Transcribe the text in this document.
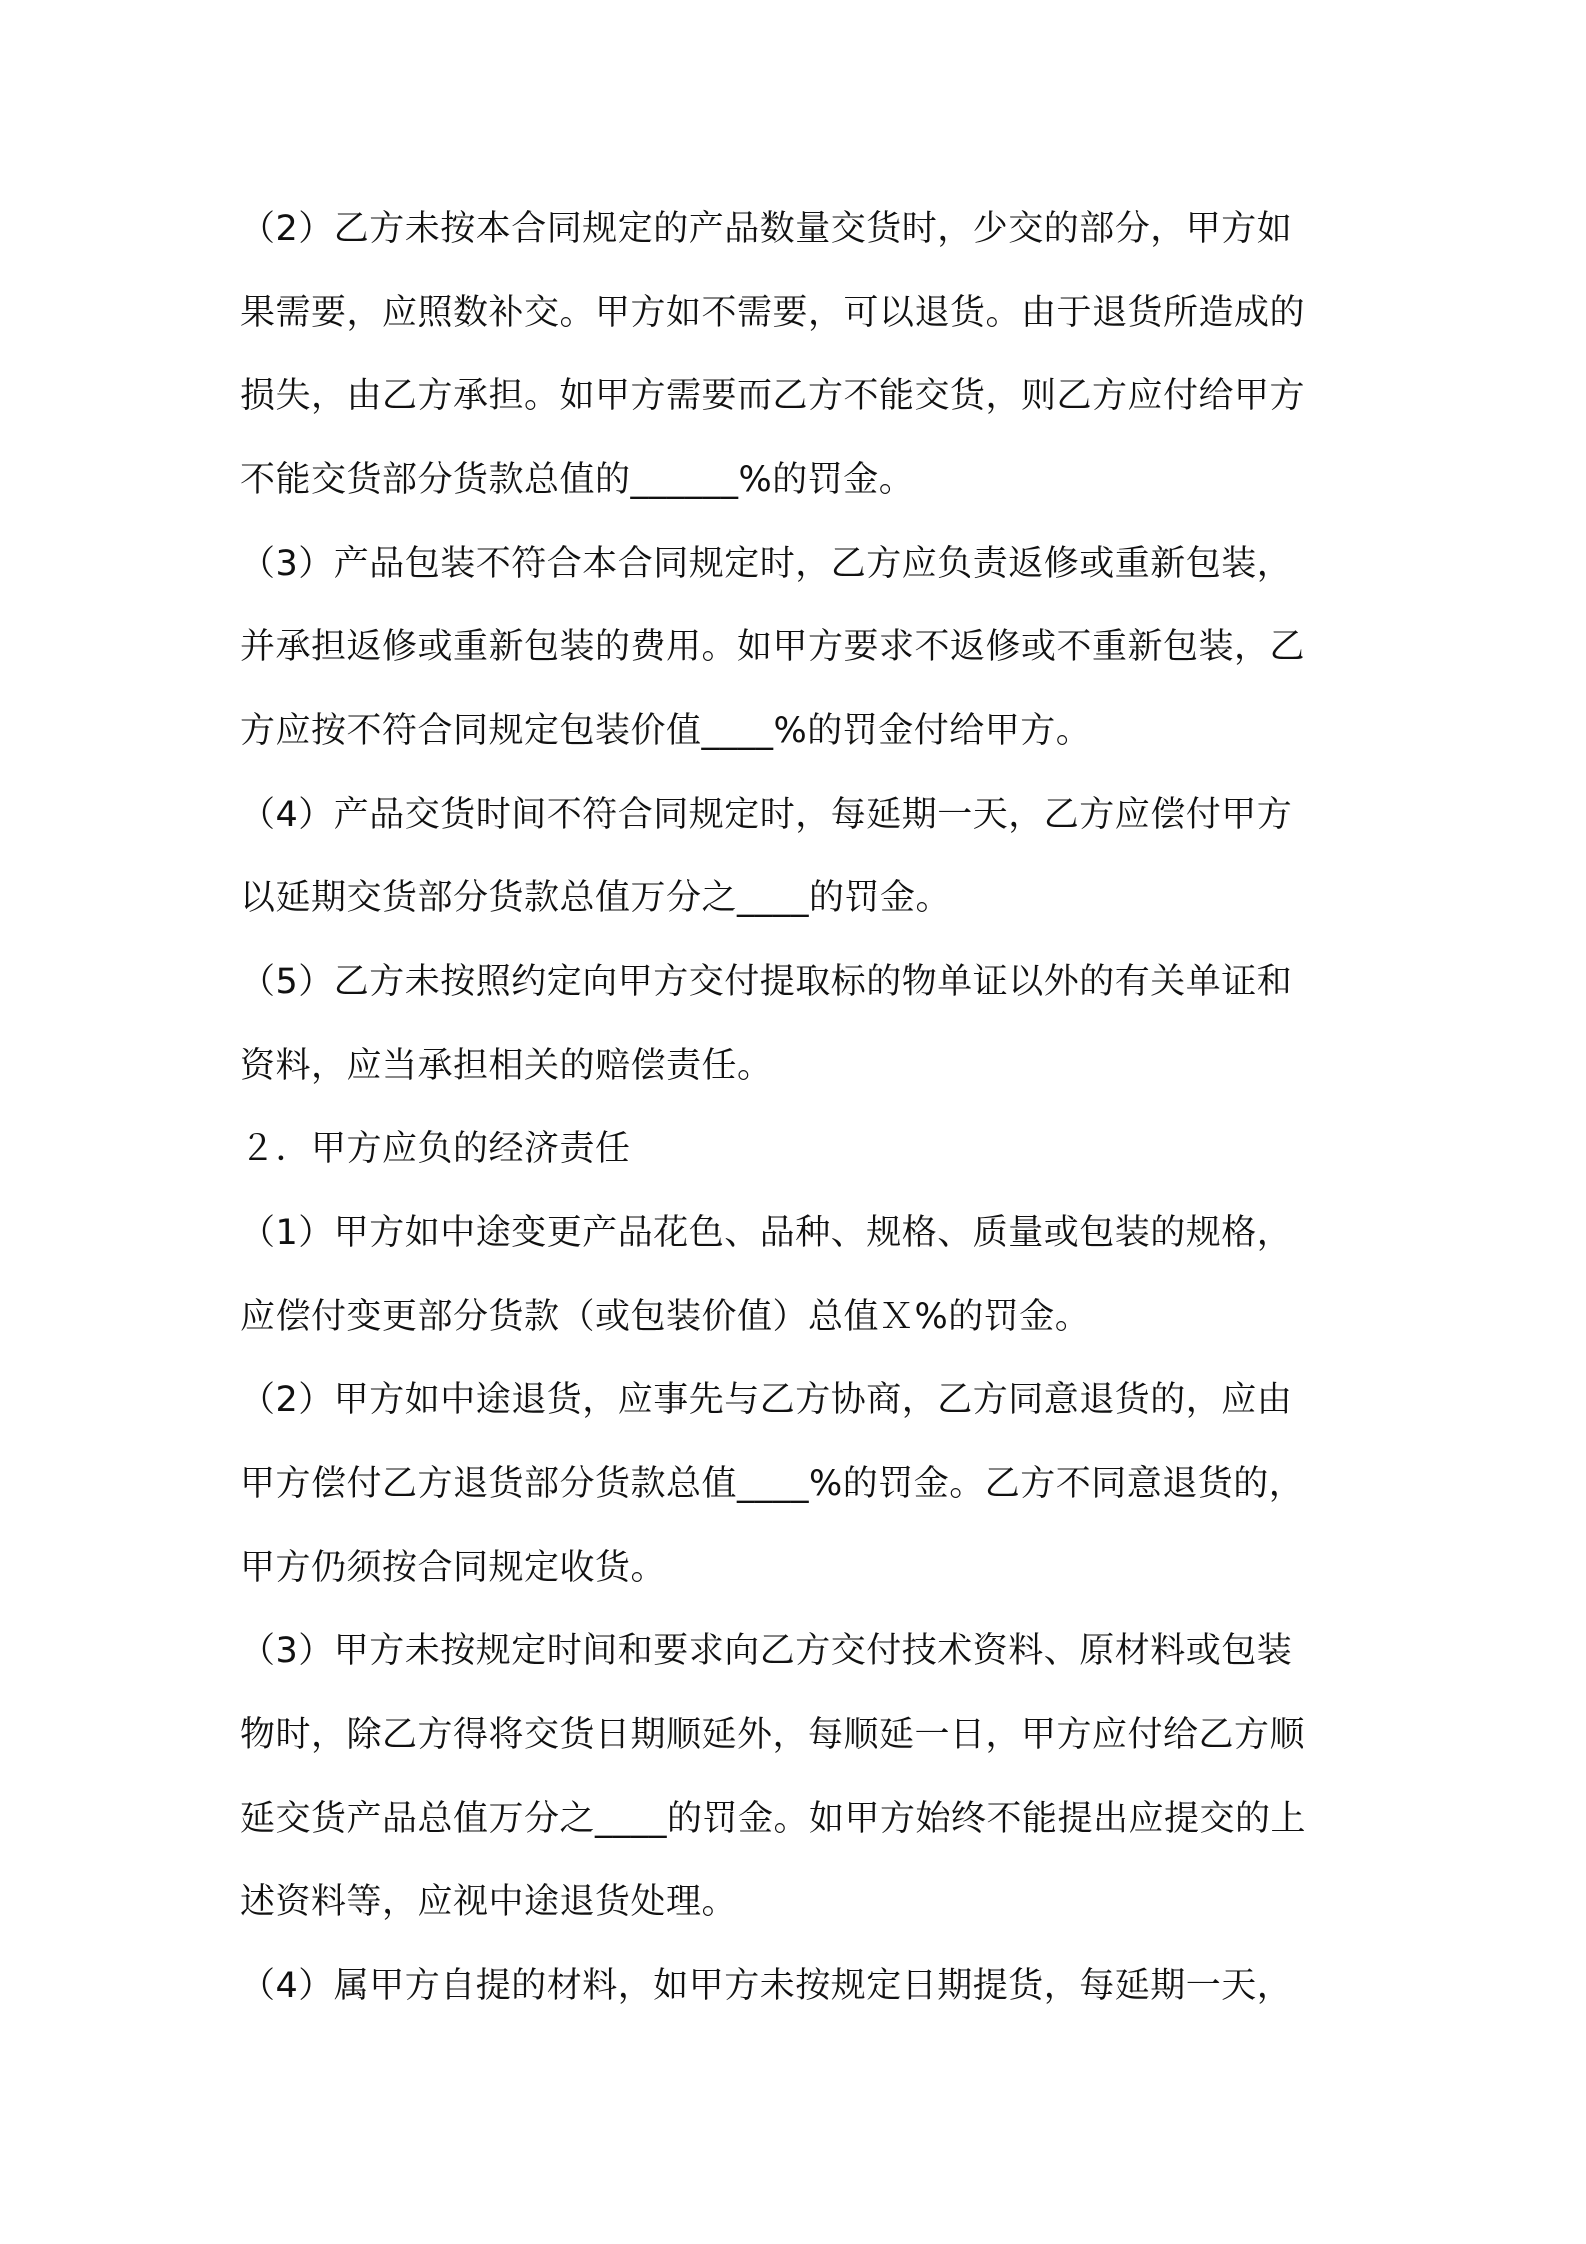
（2）乙方未按本合同规定的产品数量交货时，少交的部分，甲方如
果需要，应照数补交。甲方如不需要，可以退货。由于退货所造成的
损失，由乙方承担。如甲方需要而乙方不能交货，则乙方应付给甲方
不能交货部分货款总值的______%的罚金。
（3）产品包装不符合本合同规定时，乙方应负责返修或重新包装，
并承担返修或重新包装的费用。如甲方要求不返修或不重新包装，乙
方应按不符合同规定包装价值____%的罚金付给甲方。
（4）产品交货时间不符合同规定时，每延期一天，乙方应偿付甲方
以延期交货部分货款总值万分之____的罚金。
（5）乙方未按照约定向甲方交付提取标的物单证以外的有关单证和
资料，应当承担相关的赔偿责任。
２．甲方应负的经济责任
（1）甲方如中途变更产品花色、品种、规格、质量或包装的规格，
应偿付变更部分货款（或包装价值）总值Ｘ%的罚金。
（2）甲方如中途退货，应事先与乙方协商，乙方同意退货的，应由
甲方偿付乙方退货部分货款总值____%的罚金。乙方不同意退货的，
甲方仍须按合同规定收货。
（3）甲方未按规定时间和要求向乙方交付技术资料、原材料或包装
物时，除乙方得将交货日期顺延外，每顺延一日，甲方应付给乙方顺
延交货产品总值万分之____的罚金。如甲方始终不能提出应提交的上
述资料等，应视中途退货处理。
（4）属甲方自提的材料，如甲方未按规定日期提货，每延期一天，
